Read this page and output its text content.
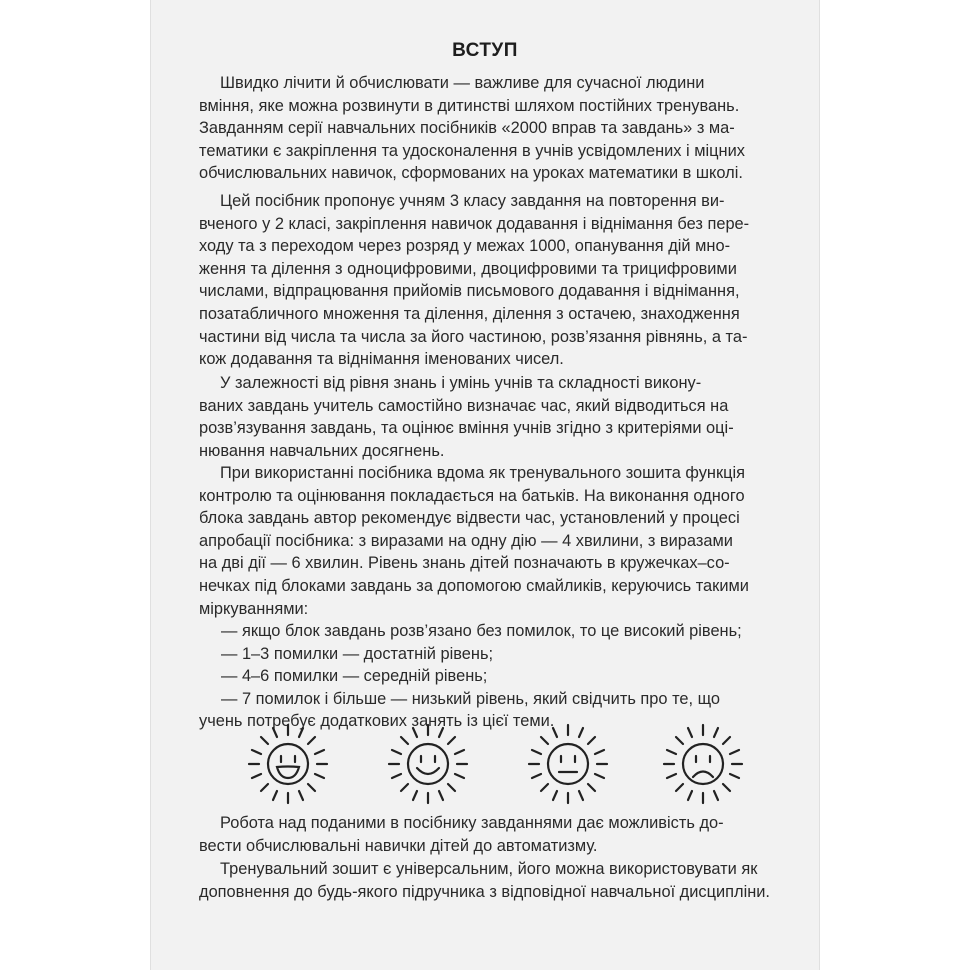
ВСТУП
Швидко лічити й обчислювати — важливе для сучасної людини
вміння, яке можна розвинути в дитинстві шляхом постійних тренувань.
Завданням серії навчальних посібників «2000 вправ та завдань» з ма-
тематики є закріплення та удосконалення в учнів усвідомлених і міцних
обчислювальних навичок, сформованих на уроках математики в школі.
Цей посібник пропонує учням 3 класу завдання на повторення ви-
вченого у 2 класі, закріплення навичок додавання і віднімання без пере-
ходу та з переходом через розряд у межах 1000, опанування дій мно-
ження та ділення з одноцифровими, двоцифровими та трицифровими
числами, відпрацювання прийомів письмового додавання і віднімання,
позатабличного множення та ділення, ділення з остачею, знаходження
частини від числа та числа за його частиною, розв’язання рівнянь, а та-
кож додавання та віднімання іменованих чисел.
У залежності від рівня знань і умінь учнів та складності викону-
ваних завдань учитель самостійно визначає час, який відводиться на
розв’язування завдань, та оцінює вміння учнів згідно з критеріями оці-
нювання навчальних досягнень.
При використанні посібника вдома як тренувального зошита функція
контролю та оцінювання покладається на батьків. На виконання одного
блока завдань автор рекомендує відвести час, установлений у процесі
апробації посібника: з виразами на одну дію — 4 хвилини, з виразами
на дві дії — 6 хвилин. Рівень знань дітей позначають в кружечках–со-
нечках під блоками завдань за допомогою смайликів, керуючись такими
міркуваннями:
— якщо блок завдань розв’язано без помилок, то це високий рівень;
— 1–3 помилки — достатній рівень;
— 4–6 помилки — середній рівень;
— 7 помилок і більше — низький рівень, який свідчить про те, що
учень потребує додаткових занять із цієї теми.
Робота над поданими в посібнику завданнями дає можливість до-
вести обчислювальні навички дітей до автоматизму.
Тренувальний зошит є універсальним, його можна використовувати як
доповнення до будь-якого підручника з відповідної навчальної дисципліни.
